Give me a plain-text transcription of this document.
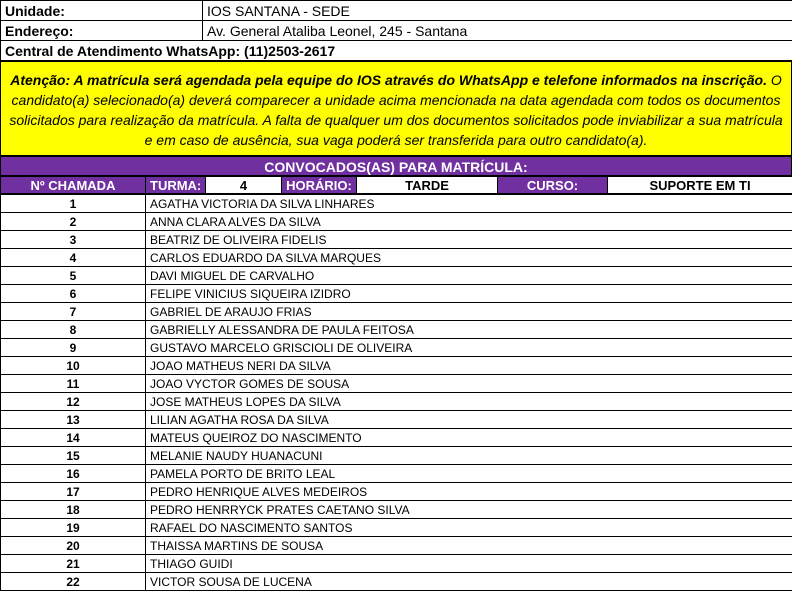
Unidade:	IOS SANTANA - SEDE
Endereço:	Av. General Ataliba Leonel, 245 - Santana
Central de Atendimento WhatsApp: (11)2503-2617	
Atenção: A matrícula será agendada pela equipe do IOS através do WhatsApp e telefone informados na inscrição. O candidato(a) selecionado(a) deverá comparecer a unidade acima mencionada na data agendada com todos os documentos solicitados para realização da matrícula. A falta de qualquer um dos documentos solicitados pode inviabilizar a sua matrícula e em caso de ausência, sua vaga poderá ser transferida para outro candidato(a).
CONVOCADOS(AS) PARA MATRÍCULA:
Nº CHAMADA	TURMA:	4	HORÁRIO:	TARDE	CURSO:	SUPORTE EM TI
1	AGATHA VICTORIA DA SILVA LINHARES
2	ANNA CLARA ALVES DA SILVA
3	BEATRIZ DE OLIVEIRA FIDELIS
4	CARLOS EDUARDO DA SILVA MARQUES
5	DAVI MIGUEL DE CARVALHO
6	FELIPE VINICIUS SIQUEIRA IZIDRO
7	GABRIEL DE ARAUJO FRIAS
8	GABRIELLY ALESSANDRA DE PAULA FEITOSA
9	GUSTAVO MARCELO GRISCIOLI DE OLIVEIRA
10	JOAO MATHEUS NERI DA SILVA
11	JOAO VYCTOR GOMES DE SOUSA
12	JOSE MATHEUS LOPES DA SILVA
13	LILIAN AGATHA ROSA DA SILVA
14	MATEUS QUEIROZ DO NASCIMENTO
15	MELANIE NAUDY HUANACUNI
16	PAMELA PORTO DE BRITO LEAL
17	PEDRO HENRIQUE ALVES MEDEIROS
18	PEDRO HENRRYCK PRATES CAETANO SILVA
19	RAFAEL DO NASCIMENTO SANTOS
20	THAISSA MARTINS DE SOUSA
21	THIAGO GUIDI
22	VICTOR SOUSA DE LUCENA
